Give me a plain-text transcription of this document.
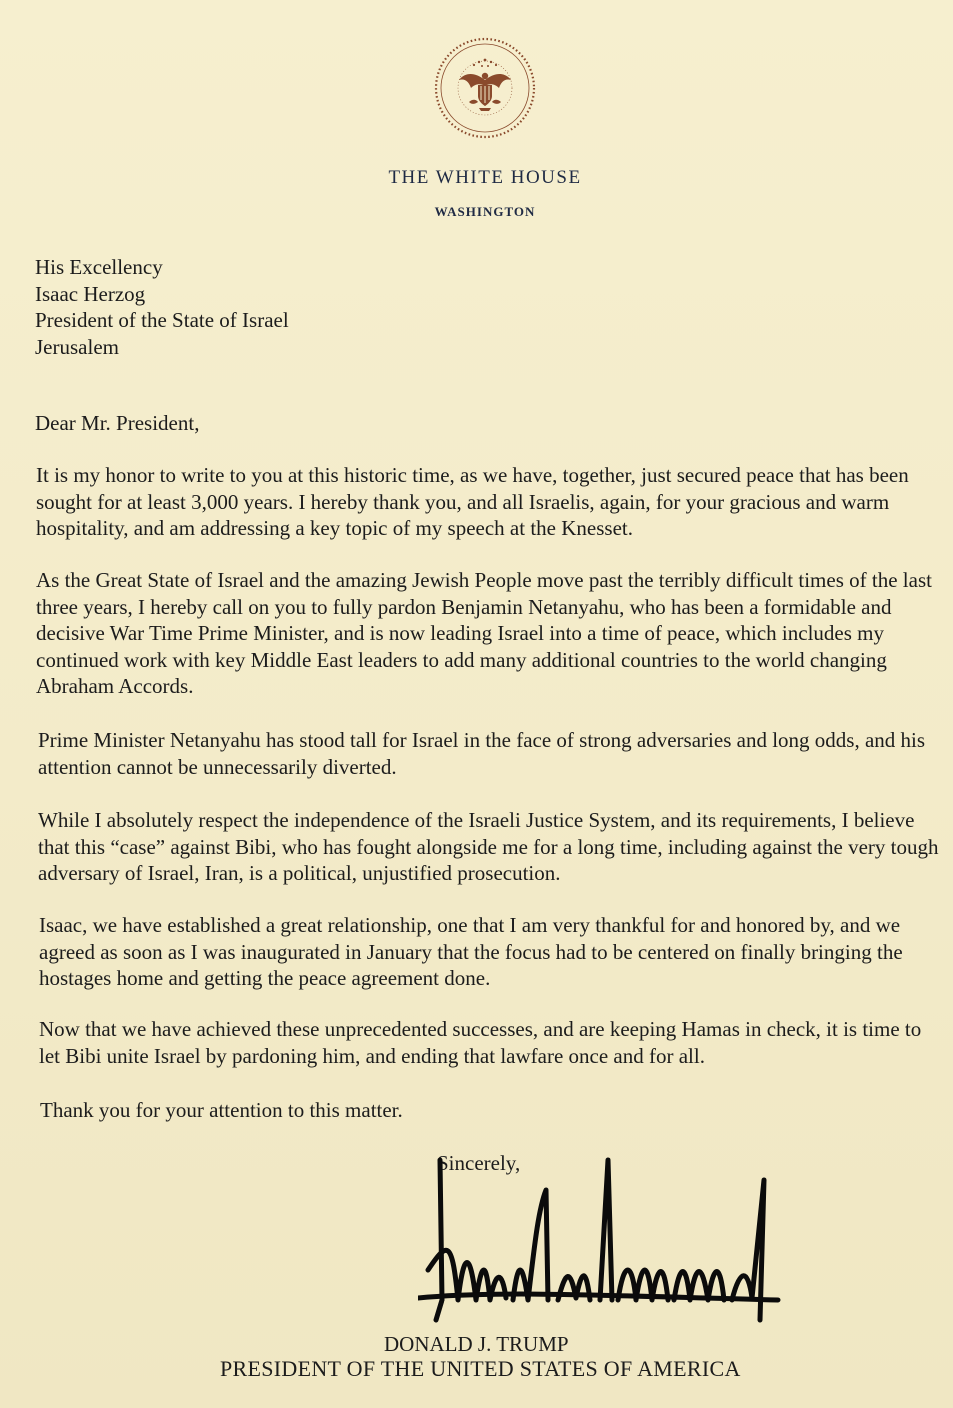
THE WHITE HOUSE
WASHINGTON
His Excellency
Isaac Herzog
President of the State of Israel
Jerusalem
Dear Mr. President,

It is my honor to write to you at this historic time, as we have, together, just secured peace that has been sought for at least 3,000 years. I hereby thank you, and all Israelis, again, for your gracious and warm hospitality, and am addressing a key topic of my speech at the Knesset.

As the Great State of Israel and the amazing Jewish People move past the terribly difficult times of the last three years, I hereby call on you to fully pardon Benjamin Netanyahu, who has been a formidable and decisive War Time Prime Minister, and is now leading Israel into a time of peace, which includes my continued work with key Middle East leaders to add many additional countries to the world changing Abraham Accords.

Prime Minister Netanyahu has stood tall for Israel in the face of strong adversaries and long odds, and his attention cannot be unnecessarily diverted.

While I absolutely respect the independence of the Israeli Justice System, and its requirements, I believe that this “case” against Bibi, who has fought alongside me for a long time, including against the very tough adversary of Israel, Iran, is a political, unjustified prosecution.

Isaac, we have established a great relationship, one that I am very thankful for and honored by, and we agreed as soon as I was inaugurated in January that the focus had to be centered on finally bringing the hostages home and getting the peace agreement done.

Now that we have achieved these unprecedented successes, and are keeping Hamas in check, it is time to let Bibi unite Israel by pardoning him, and ending that lawfare once and for all.

Thank you for your attention to this matter.

Sincerely,
DONALD J. TRUMP
PRESIDENT OF THE UNITED STATES OF AMERICA
